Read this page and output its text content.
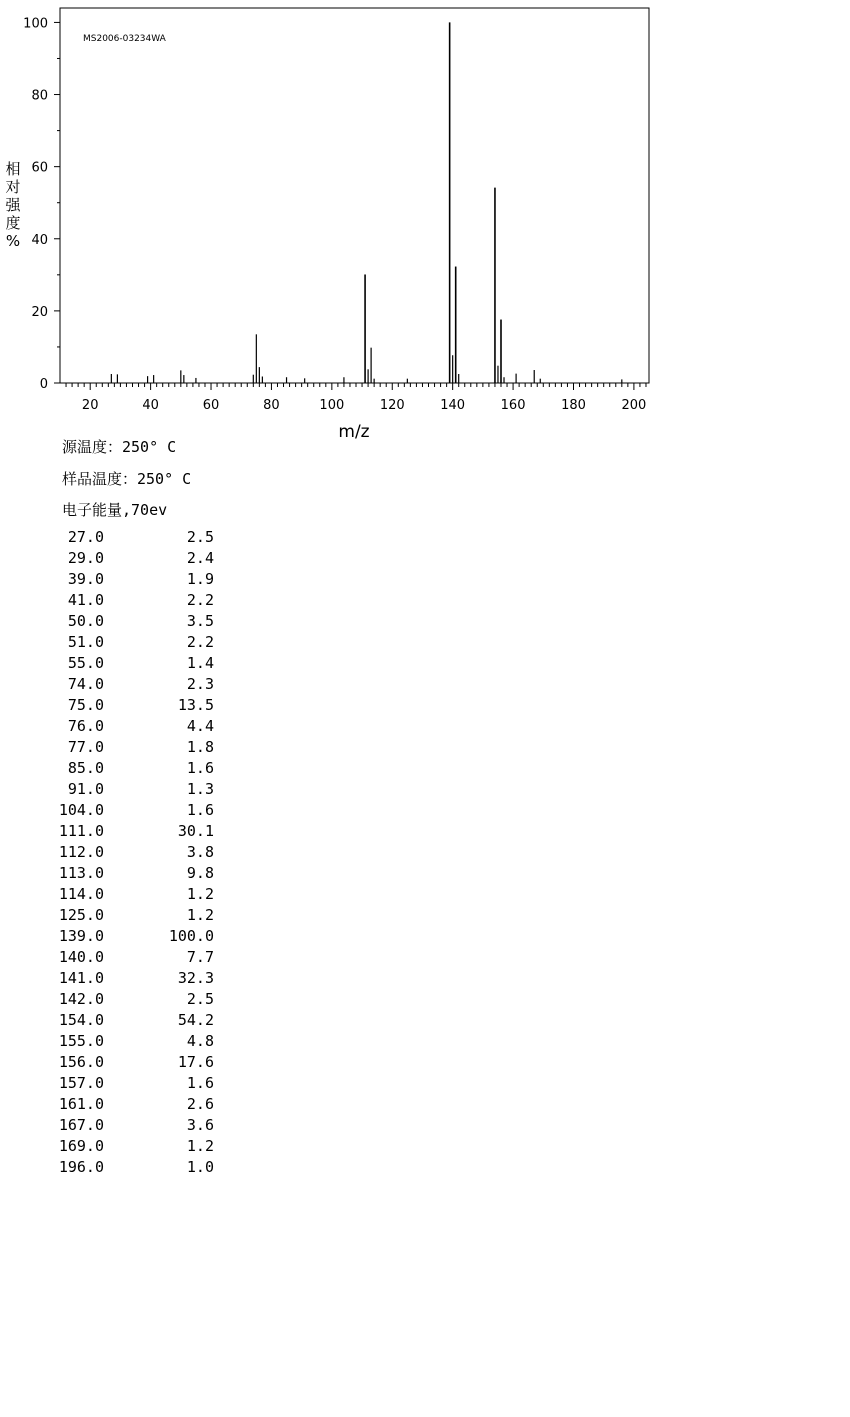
MS2006-03234WA
0
20
40
60
80
100
20	40	60	80	100	120	140	160	180	200
相
对
强
度
%
m/z
源温度：250° C
样品温度：250° C
电子能量,70ev
27.0	2.5
29.0	2.4
39.0	1.9
41.0	2.2
50.0	3.5
51.0	2.2
55.0	1.4
74.0	2.3
75.0	13.5
76.0	4.4
77.0	1.8
85.0	1.6
91.0	1.3
104.0	1.6
111.0	30.1
112.0	3.8
113.0	9.8
114.0	1.2
125.0	1.2
139.0	100.0
140.0	7.7
141.0	32.3
142.0	2.5
154.0	54.2
155.0	4.8
156.0	17.6
157.0	1.6
161.0	2.6
167.0	3.6
169.0	1.2
196.0	1.0
